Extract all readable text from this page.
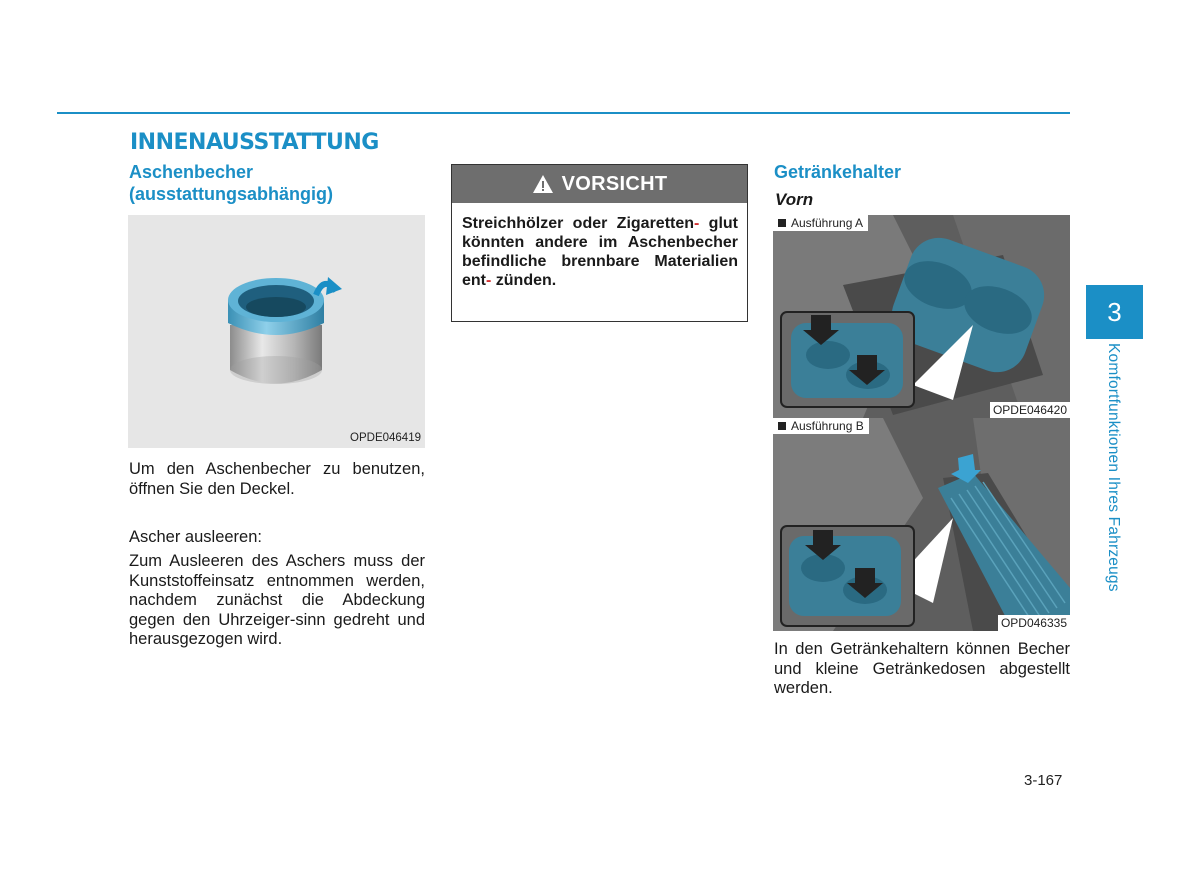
INNENAUSSTATTUNG
Aschenbecher
(ausstattungsabhängig)
OPDE046419

Um den Aschenbecher zu benutzen, öffnen Sie den Deckel.

Ascher ausleeren:

Zum Ausleeren des Aschers muss der Kunststoffeinsatz entnommen werden, nachdem zunächst die Abdeckung gegen den Uhrzeiger-sinn gedreht und herausgezogen wird.

VORSICHT

Streichhölzer oder Zigaretten- glut könnten andere im Aschenbecher befindliche brennbare Materialien ent- zünden.

Getränkehalter
Vorn
Ausführung A
OPDE046420
Ausführung B
OPD046335

In den Getränkehaltern können Becher und kleine Getränkedosen abgestellt werden.

3
Komfortfunktionen Ihres Fahrzeugs
3-167
